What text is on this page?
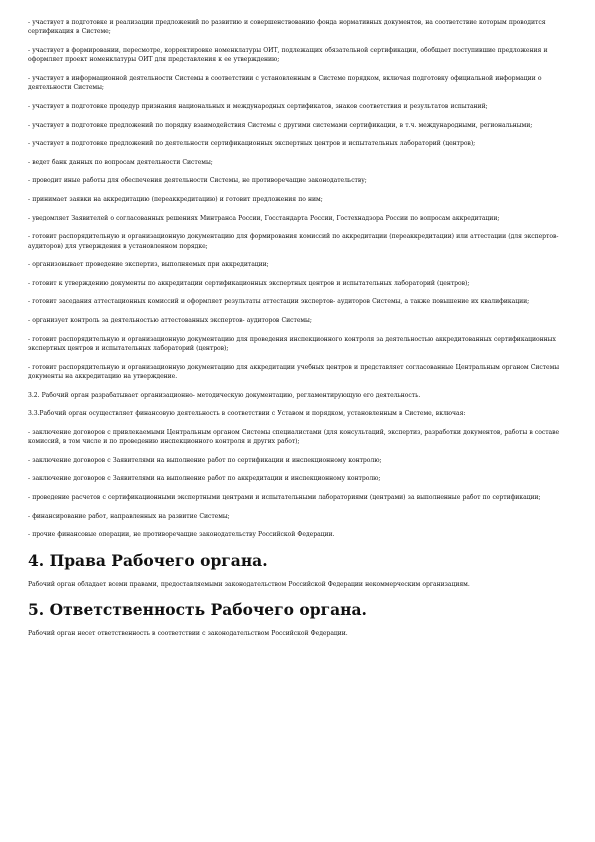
- участвует в подготовке и реализации предложений по развитию и совершенствованию фонда нормативных документов, на соответствие которым проводится сертификация в Системе;

- участвует в формировании, пересмотре, корректировке номенклатуры ОИТ, подлежащих обязательной сертификации, обобщает поступившие предложения и оформляет проект номенклатуры ОИТ для представления к ее утверждению;

- участвует в информационной деятельности Системы в соответствии с установленным в Системе порядком, включая подготовку официальной информации о деятельности Системы;

- участвует в подготовке процедур признания национальных и международных сертификатов, знаков соответствия и результатов испытаний;

- участвует в подготовке предложений по порядку взаимодействия Системы с другими системами сертификации, в т.ч. международными, региональными;

- участвует в подготовке предложений по деятельности сертификационных экспертных центров и испытательных лабораторий (центров);

- ведет банк данных по вопросам деятельности Системы;

- проводит иные работы для обеспечения деятельности Системы, не противоречащие законодательству;

- принимает заявки на аккредитацию (переаккредитацию) и готовит предложения по ним;

- уведомляет Заявителей о согласованных решениях Минтранса России, Госстандарта России, Гостехнадзора России по вопросам аккредитации;

- готовит распорядительную и организационную документацию для формирования комиссий по аккредитации (переаккредитации) или аттестации (для экспертов-аудиторов) для утверждения в установленном порядке;

- организовывает проведение экспертиз, выполняемых при аккредитации;

- готовит к утверждению документы по аккредитации сертификационных экспертных центров и испытательных лабораторий (центров);

- готовит заседания аттестационных комиссий и оформляет результаты аттестации экспертов- аудиторов Системы, а также повышение их квалификации;

- организует контроль за деятельностью аттестованных экспертов- аудиторов Системы;

- готовит распорядительную и организационную документацию для проведения инспекционного контроля за деятельностью аккредитованных сертификационных экспертных центров и испытательных лабораторий (центров);

- готовит распорядительную и организационную документацию для аккредитации учебных центров и представляет согласованные Центральным органом Системы документы на аккредитацию на утверждение.

3.2. Рабочий орган разрабатывает организационно- методическую документацию, регламентирующую его деятельность.

3.3.Рабочий орган осуществляет финансовую деятельность в соответствии с Уставом и порядком, установленным в Системе, включая:

- заключение договоров с привлекаемыми Центральным органом Системы специалистами (для консультаций, экспертиз, разработки документов, работы в составе комиссий, в том числе и по проведению инспекционного контроля и других работ);

- заключение договоров с Заявителями на выполнение работ по сертификации и инспекционному контролю;

- заключение договоров с Заявителями на выполнение работ по аккредитации и инспекционному контролю;

- проведение расчетов с сертификационными экспертными центрами и испытательными лабораториями (центрами) за выполненные работ по сертификации;

- финансирование работ, направленных на развитие Системы;

- прочие финансовые операции, не противоречащие законодательству Российской Федерации.

4. Права Рабочего органа.

Рабочий орган обладает всеми правами, предоставляемыми законодательством Российской Федерации некоммерческим организациям.

5. Ответственность Рабочего органа.

Рабочий орган несет ответственность в соответствии с законодательством Российской Федерации.
